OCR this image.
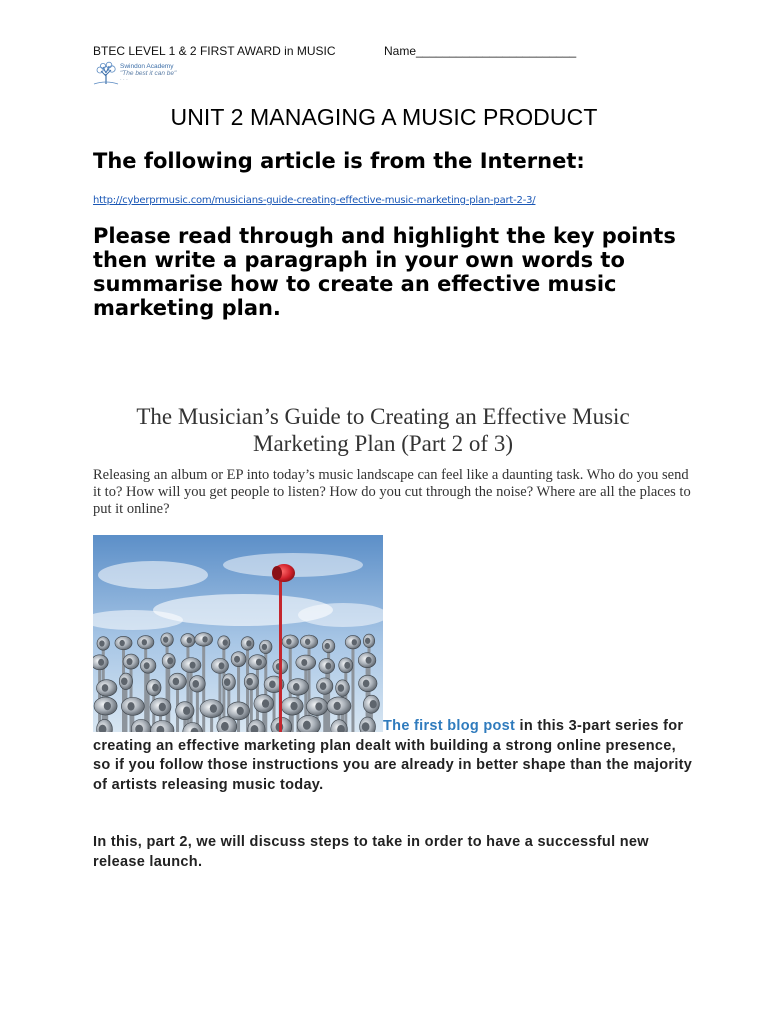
BTEC LEVEL 1 & 2 FIRST AWARD in MUSIC	Name________________________
Swindon Academy
"The best it can be"
· · ·
UNIT 2 MANAGING A MUSIC PRODUCT
The following article is from the Internet:
http://cyberprmusic.com/musicians-guide-creating-effective-music-marketing-plan-part-2-3/
Please read through and highlight the key points then write a paragraph in your own words to summarise how to create an effective music marketing plan.
The Musician’s Guide to Creating an Effective Music Marketing Plan (Part 2 of 3)
Releasing an album or EP into today’s music landscape can feel like a daunting task. Who do you send it to? How will you get people to listen? How do you cut through the noise? Where are all the places to put it online?
The first blog post in this 3-part series for creating an effective marketing plan dealt with building a strong online presence, so if you follow those instructions you are already in better shape than the majority of artists releasing music today.
In this, part 2, we will discuss steps to take in order to have a successful new release launch.
